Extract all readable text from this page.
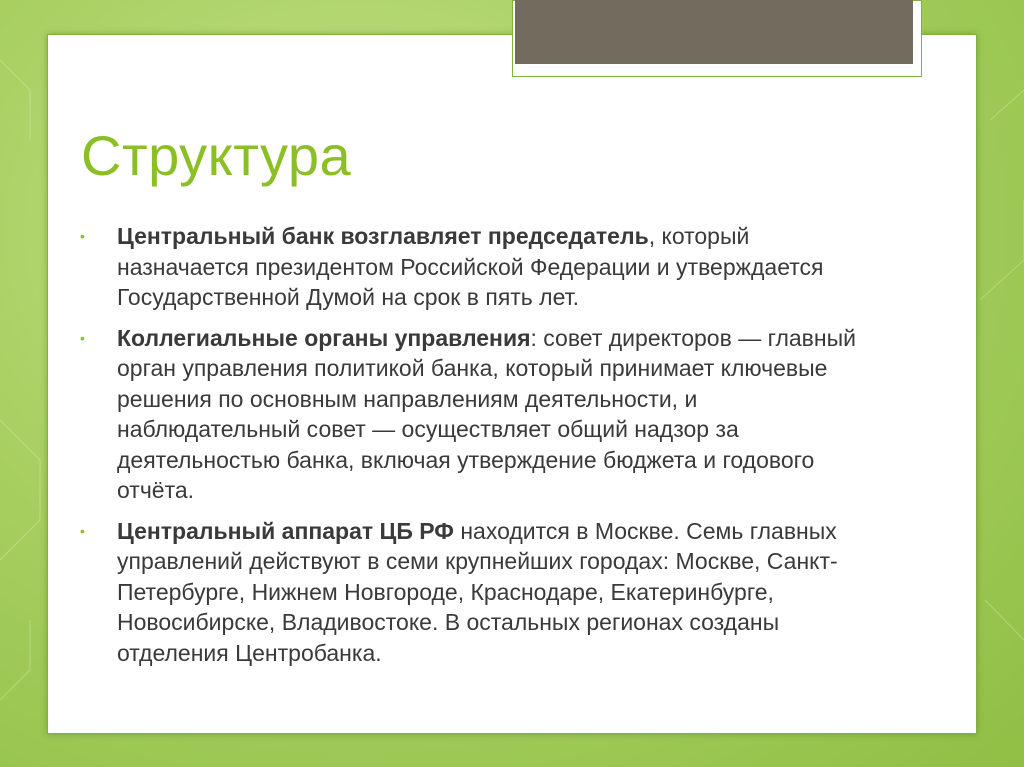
Структура
• Центральный банк возглавляет председатель, который назначается президентом Российской Федерации и утверждается Государственной Думой на срок в пять лет.
• Коллегиальные органы управления: совет директоров — главный орган управления политикой банка, который принимает ключевые решения по основным направлениям деятельности, и наблюдательный совет — осуществляет общий надзор за деятельностью банка, включая утверждение бюджета и годового отчёта.
• Центральный аппарат ЦБ РФ находится в Москве. Семь главных управлений действуют в семи крупнейших городах: Москве, Санкт-Петербурге, Нижнем Новгороде, Краснодаре, Екатеринбурге, Новосибирске, Владивостоке. В остальных регионах созданы отделения Центробанка.
